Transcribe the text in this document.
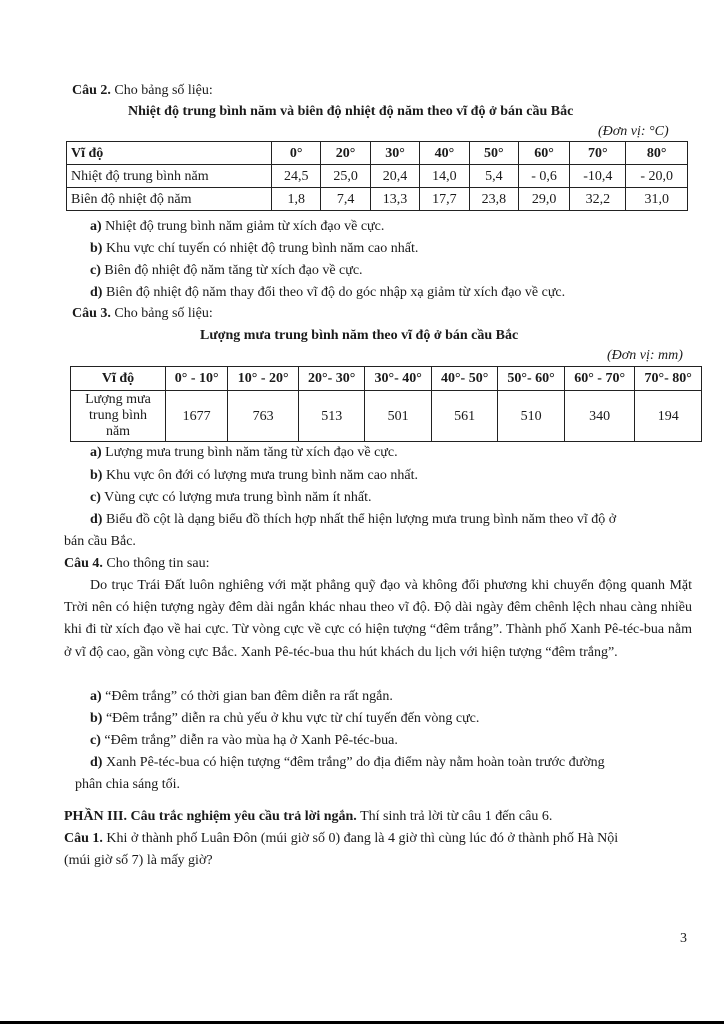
Câu 2. Cho bảng số liệu:
Nhiệt độ trung bình năm và biên độ nhiệt độ năm theo vĩ độ ở bán cầu Bắc
(Đơn vị: °C)
Vĩ độ	0°	20°	30°	40°	50°	60°	70°	80°
Nhiệt độ trung bình năm	24,5	25,0	20,4	14,0	5,4	- 0,6	-10,4	- 20,0
Biên độ nhiệt độ năm	1,8	7,4	13,3	17,7	23,8	29,0	32,2	31,0
a) Nhiệt độ trung bình năm giảm từ xích đạo về cực.
b) Khu vực chí tuyến có nhiệt độ trung bình năm cao nhất.
c) Biên độ nhiệt độ năm tăng từ xích đạo về cực.
d) Biên độ nhiệt độ năm thay đổi theo vĩ độ do góc nhập xạ giảm từ xích đạo về cực.
Câu 3. Cho bảng số liệu:
Lượng mưa trung bình năm theo vĩ độ ở bán cầu Bắc
(Đơn vị: mm)
Vĩ độ	0° - 10°	10° - 20°	20°- 30°	30°- 40°	40°- 50°	50°- 60°	60° - 70°	70°- 80°

Lượng mưa
trung bình
năm	1677	763	513	501	561	510	340	194
a) Lượng mưa trung bình năm tăng từ xích đạo về cực.
b) Khu vực ôn đới có lượng mưa trung bình năm cao nhất.
c) Vùng cực có lượng mưa trung bình năm ít nhất.
d) Biểu đồ cột là dạng biểu đồ thích hợp nhất thể hiện lượng mưa trung bình năm theo vĩ độ ở
bán cầu Bắc.
Câu 4. Cho thông tin sau:
Do trục Trái Đất luôn nghiêng với mặt phẳng quỹ đạo và không đổi phương khi chuyển động quanh Mặt Trời nên có hiện tượng ngày đêm dài ngắn khác nhau theo vĩ độ. Độ dài ngày đêm chênh lệch nhau càng nhiều khi đi từ xích đạo về hai cực. Từ vòng cực về cực có hiện tượng “đêm trắng”. Thành phố Xanh Pê-téc-bua nằm ở vĩ độ cao, gần vòng cực Bắc. Xanh Pê-téc-bua thu hút khách du lịch với hiện tượng “đêm trắng”.
a) “Đêm trắng” có thời gian ban đêm diễn ra rất ngắn.
b) “Đêm trắng” diễn ra chủ yếu ở khu vực từ chí tuyến đến vòng cực.
c) “Đêm trắng” diễn ra vào mùa hạ ở Xanh Pê-téc-bua.
d) Xanh Pê-téc-bua có hiện tượng “đêm trắng” do địa điểm này nằm hoàn toàn trước đường
phân chia sáng tối.
PHẦN III. Câu trắc nghiệm yêu cầu trả lời ngắn. Thí sinh trả lời từ câu 1 đến câu 6.
Câu 1. Khi ở thành phố Luân Đôn (múi giờ số 0) đang là 4 giờ thì cùng lúc đó ở thành phố Hà Nội
(múi giờ số 7) là mấy giờ?
3
